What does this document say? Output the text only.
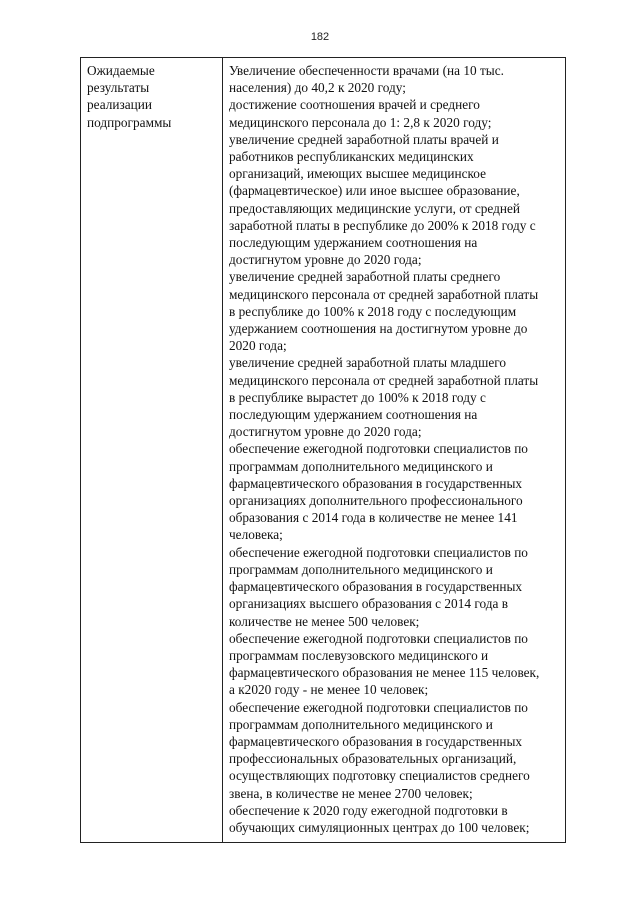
182
Ожидаемые
результаты
реализации
подпрограммы

Увеличение обеспеченности врачами (на 10 тыс.
населения) до 40,2 к 2020 году;
достижение соотношения врачей и среднего
медицинского персонала до 1: 2,8 к 2020 году;
увеличение средней заработной платы врачей и
работников республиканских медицинских
организаций, имеющих высшее медицинское
(фармацевтическое) или иное высшее образование,
предоставляющих медицинские услуги, от средней
заработной платы в республике до 200% к 2018 году с
последующим удержанием соотношения на
достигнутом уровне до 2020 года;
увеличение средней заработной платы среднего
медицинского персонала от средней заработной платы
в республике до 100% к 2018 году с последующим
удержанием соотношения на достигнутом уровне до
2020 года;
увеличение средней заработной платы младшего
медицинского персонала от средней заработной платы
в республике вырастет до 100% к 2018 году с
последующим удержанием соотношения на
достигнутом уровне до 2020 года;
обеспечение ежегодной подготовки специалистов по
программам дополнительного медицинского и
фармацевтического образования в государственных
организациях дополнительного профессионального
образования с 2014 года в количестве не менее 141
человека;
обеспечение ежегодной подготовки специалистов по
программам дополнительного медицинского и
фармацевтического образования в государственных
организациях высшего образования с 2014 года в
количестве не менее 500 человек;
обеспечение ежегодной подготовки специалистов по
программам послевузовского медицинского и
фармацевтического образования не менее 115 человек,
а к2020 году - не менее 10 человек;
обеспечение ежегодной подготовки специалистов по
программам дополнительного медицинского и
фармацевтического образования в государственных
профессиональных образовательных организаций,
осуществляющих подготовку специалистов среднего
звена, в количестве не менее 2700 человек;
обеспечение к 2020 году ежегодной подготовки в
обучающих симуляционных центрах до 100 человек;
